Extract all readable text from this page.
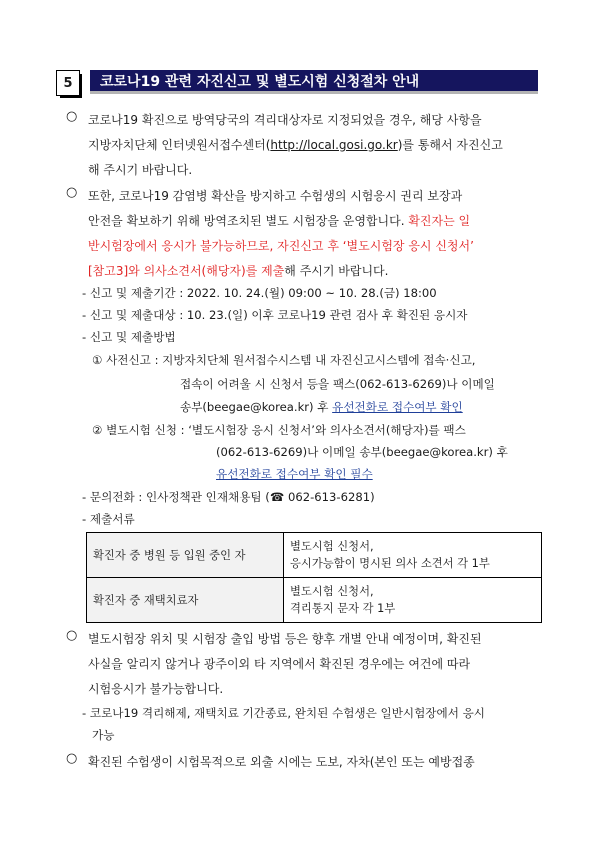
5	코로나19 관련 자진신고 및 별도시험 신청절차 안내
○ 코로나19 확진으로 방역당국의 격리대상자로 지정되었을 경우, 해당 사항을
지방자치단체 인터넷원서접수센터(http://local.gosi.go.kr)를 통해서 자진신고
해 주시기 바랍니다.
○ 또한, 코로나19 감염병 확산을 방지하고 수험생의 시험응시 권리 보장과
안전을 확보하기 위해 방역조치된 별도 시험장을 운영합니다. 확진자는 일
반시험장에서 응시가 불가능하므로, 자진신고 후 ‘별도시험장 응시 신청서’
[참고3]와 의사소견서(해당자)를 제출해 주시기 바랍니다.
- 신고 및 제출기간 : 2022. 10. 24.(월) 09:00 ~ 10. 28.(금) 18:00
- 신고 및 제출대상 : 10. 23.(일) 이후 코로나19 관련 검사 후 확진된 응시자
- 신고 및 제출방법
① 사전신고 : 지방자치단체 원서접수시스템 내 자진신고시스템에 접속·신고,
접속이 어려울 시 신청서 등을 팩스(062-613-6269)나 이메일
송부(beegae@korea.kr) 후 유선전화로 접수여부 확인
② 별도시험 신청 : ‘별도시험장 응시 신청서’와 의사소견서(해당자)를 팩스
(062-613-6269)나 이메일 송부(beegae@korea.kr) 후
유선전화로 접수여부 확인 필수
- 문의전화 : 인사정책관 인재채용팀 (☎ 062-613-6281)
- 제출서류
확진자 중 병원 등 입원 중인 자	별도시험 신청서,
응시가능함이 명시된 의사 소견서 각 1부

확진자 중 재택치료자	별도시험 신청서,
격리통지 문자 각 1부
○ 별도시험장 위치 및 시험장 출입 방법 등은 향후 개별 안내 예정이며, 확진된
사실을 알리지 않거나 광주이외 타 지역에서 확진된 경우에는 여건에 따라
시험응시가 불가능합니다.
- 코로나19 격리해제, 재택치료 기간종료, 완치된 수험생은 일반시험장에서 응시
가능
○ 확진된 수험생이 시험목적으로 외출 시에는 도보, 자차(본인 또는 예방접종
